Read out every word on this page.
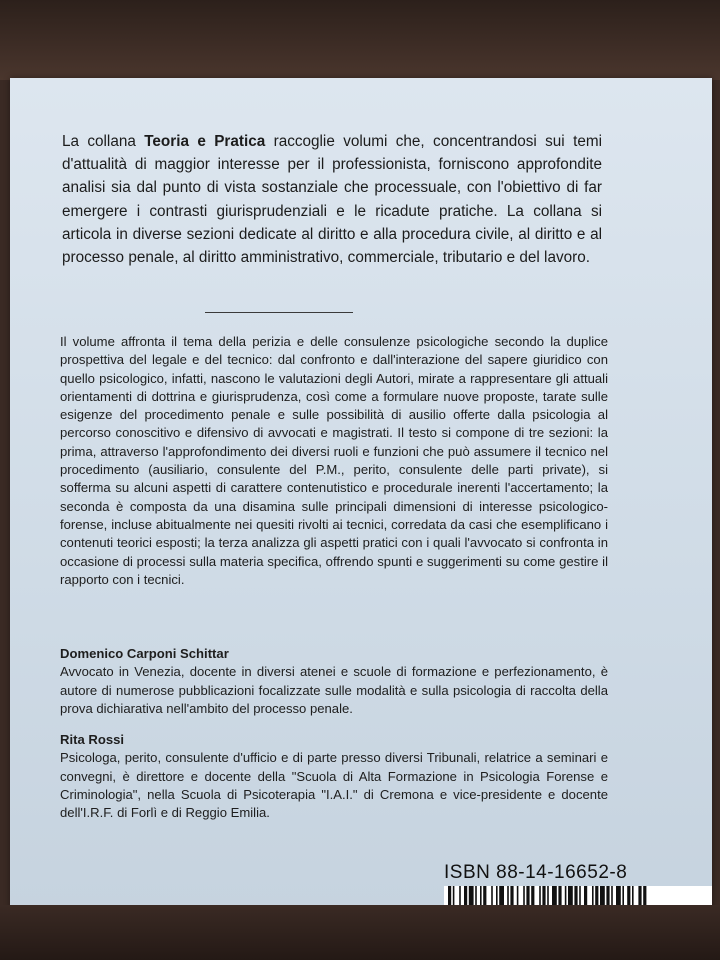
La collana Teoria e Pratica raccoglie volumi che, concentrandosi sui temi d'attualità di maggior interesse per il professionista, forniscono approfondite analisi sia dal punto di vista sostanziale che processuale, con l'obiettivo di far emergere i contrasti giurisprudenziali e le ricadute pratiche. La collana si articola in diverse sezioni dedicate al diritto e alla procedura civile, al diritto e al processo penale, al diritto amministrativo, commerciale, tributario e del lavoro.

Il volume affronta il tema della perizia e delle consulenze psicologiche secondo la duplice prospettiva del legale e del tecnico: dal confronto e dall'interazione del sapere giuridico con quello psicologico, infatti, nascono le valutazioni degli Autori, mirate a rappresentare gli attuali orientamenti di dottrina e giurisprudenza, così come a formulare nuove proposte, tarate sulle esigenze del procedimento penale e sulle possibilità di ausilio offerte dalla psicologia al percorso conoscitivo e difensivo di avvocati e magistrati. Il testo si compone di tre sezioni: la prima, attraverso l'approfondimento dei diversi ruoli e funzioni che può assumere il tecnico nel procedimento (ausiliario, consulente del P.M., perito, consulente delle parti private), si sofferma su alcuni aspetti di carattere contenutistico e procedurale inerenti l'accertamento; la seconda è composta da una disamina sulle principali dimensioni di interesse psicologico-forense, incluse abitualmente nei quesiti rivolti ai tecnici, corredata da casi che esemplificano i contenuti teorici esposti; la terza analizza gli aspetti pratici con i quali l'avvocato si confronta in occasione di processi sulla materia specifica, offrendo spunti e suggerimenti su come gestire il rapporto con i tecnici.

Domenico Carponi Schittar

Avvocato in Venezia, docente in diversi atenei e scuole di formazione e perfezionamento, è autore di numerose pubblicazioni focalizzate sulle modalità e sulla psicologia di raccolta della prova dichiarativa nell'ambito del processo penale.

Rita Rossi

Psicologa, perito, consulente d'ufficio e di parte presso diversi Tribunali, relatrice a seminari e convegni, è direttore e docente della "Scuola di Alta Formazione in Psicologia Forense e Criminologia", nella Scuola di Psicoterapia "I.A.I." di Cremona e vice-presidente e docente dell'I.R.F. di Forlì e di Reggio Emilia.

ISBN 88-14-16652-8
